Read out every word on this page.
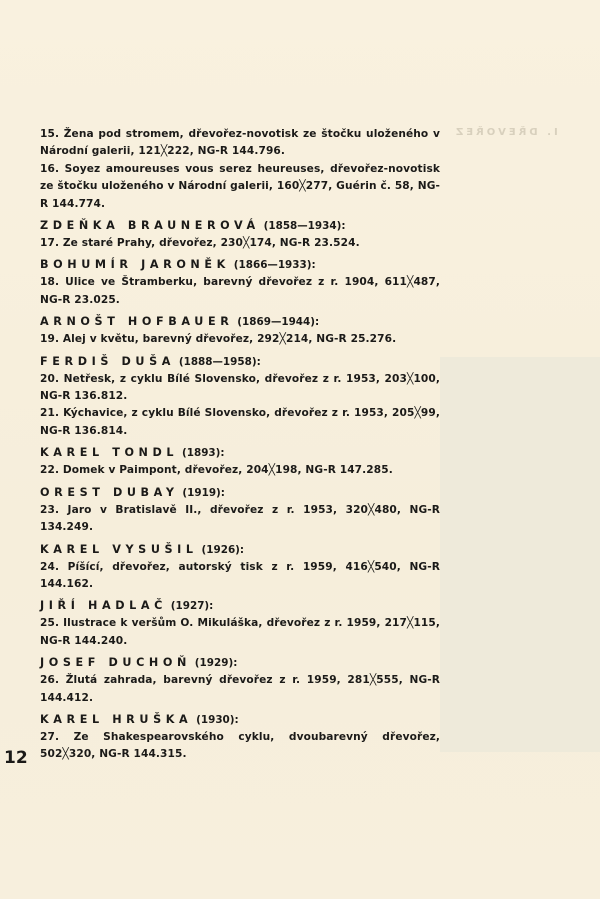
I. DŘEVOŘEZ

15. Žena pod stromem, dřevořez-novotisk ze štočku uloženého v Národní galerii, 121╳222, NG-R 144.796.

16. Soyez amoureuses vous serez heureuses, dřevořez-novotisk ze štočku uloženého v Národní galerii, 160╳277, Guérin č. 58, NG-R 144.774.

ZDEŇKA BRAUNEROVÁ (1858—1934):

17. Ze staré Prahy, dřevořez, 230╳174, NG-R 23.524.

BOHUMÍR JARONĚK (1866—1933):

18. Ulice ve Štramberku, barevný dřevořez z r. 1904, 611╳487, NG-R 23.025.

ARNOŠT HOFBAUER (1869—1944):

19. Alej v květu, barevný dřevořez, 292╳214, NG-R 25.276.

FERDIŠ DUŠA (1888—1958):

20. Netřesk, z cyklu Bílé Slovensko, dřevořez z r. 1953, 203╳100, NG-R 136.812.

21. Kýchavice, z cyklu Bílé Slovensko, dřevořez z r. 1953, 205╳99, NG-R 136.814.

KAREL TONDL (1893):

22. Domek v Paimpont, dřevořez, 204╳198, NG-R 147.285.

OREST DUBAY (1919):

23. Jaro v Bratislavě II., dřevořez z r. 1953, 320╳480, NG-R 134.249.

KAREL VYSUŠIL (1926):

24. Píšící, dřevořez, autorský tisk z r. 1959, 416╳540, NG-R 144.162.

JIŘÍ HADLAČ (1927):

25. Ilustrace k veršům O. Mikuláška, dřevořez z r. 1959, 217╳115, NG-R 144.240.

JOSEF DUCHOŇ (1929):

26. Žlutá zahrada, barevný dřevořez z r. 1959, 281╳555, NG-R 144.412.

KAREL HRUŠKA (1930):

27. Ze Shakespearovského cyklu, dvoubarevný dřevořez, 502╳320, NG-R 144.315.

12
